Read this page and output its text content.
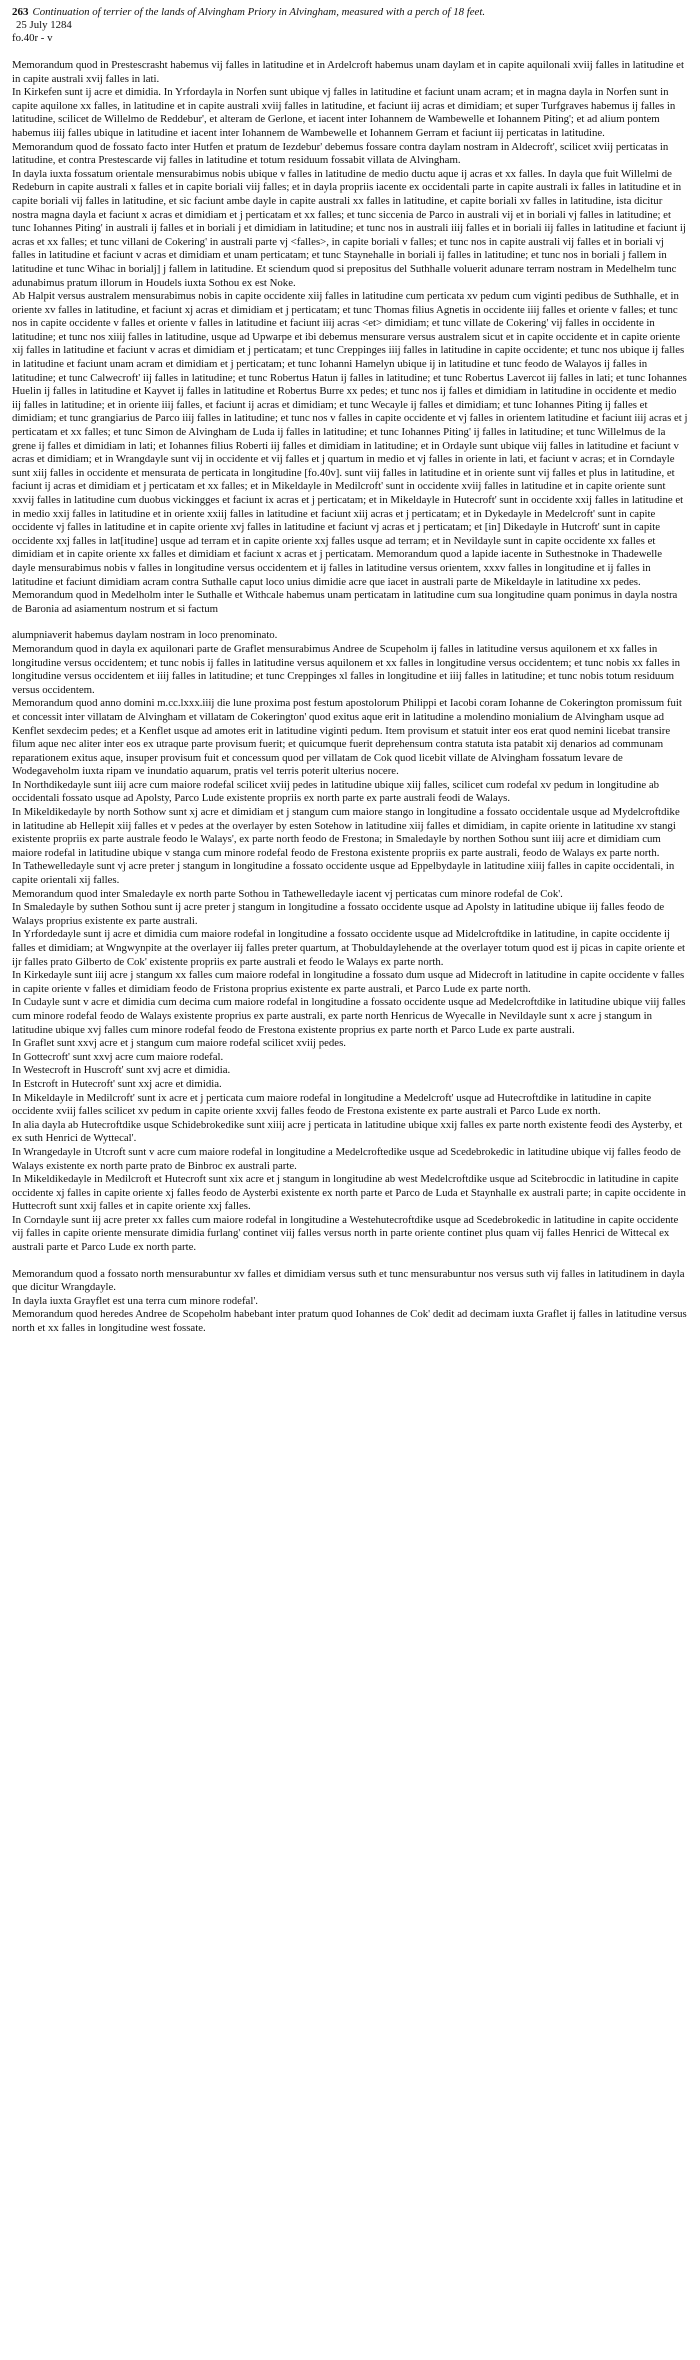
263 Continuation of terrier of the lands of Alvingham Priory in Alvingham, measured with a perch of 18 feet.

25 July 1284

fo.40r - v

Memorandum quod in Prestescrasht habemus vij falles in latitudine et in Ardelcroft habemus unam daylam et in capite aquilonali xviij falles in latitudine et in capite australi xvij falles in lati.

In Kirkefen sunt ij acre et dimidia. In Yrfordayla in Norfen sunt ubique vj falles in latitudine et faciunt unam acram; et in magna dayla in Norfen sunt in capite aquilone xx falles, in latitudine et in capite australi xviij falles in latitudine, et faciunt iij acras et dimidiam; et super Turfgraves habemus ij falles in latitudine, scilicet de Willelmo de Reddebur', et alteram de Gerlone, et iacent inter Iohannem de Wambewelle et Iohannem Piting'; et ad alium pontem habemus iiij falles ubique in latitudine et iacent inter Iohannem de Wambewelle et Iohannem Gerram et faciunt iij perticatas in latitudine.

Memorandum quod de fossato facto inter Hutfen et pratum de Iezdebur' debemus fossare contra daylam nostram in Aldecroft', scilicet xviij perticatas in latitudine, et contra Prestescarde vij falles in latitudine et totum residuum fossabit villata de Alvingham.

In dayla iuxta fossatum orientale mensurabimus nobis ubique v falles in latitudine de medio ductu aque ij acras et xx falles. In dayla que fuit Willelmi de Redeburn in capite australi x falles et in capite boriali viij falles; et in dayla propriis iacente ex occidentali parte in capite australi ix falles in latitudine et in capite boriali vij falles in latitudine, et sic faciunt ambe dayle in capite australi xx falles in latitudine, et capite boriali xv falles in latitudine, ista dicitur nostra magna dayla et faciunt x acras et dimidiam et j perticatam et xx falles; et tunc siccenia de Parco in australi vij et in boriali vj falles in latitudine; et tunc Iohannes Piting' in australi ij falles et in boriali j et dimidiam in latitudine; et tunc nos in australi iiij falles et in boriali iij falles in latitudine et faciunt ij acras et xx falles; et tunc villani de Cokering' in australi parte vj <falles>, in capite boriali v falles; et tunc nos in capite australi vij falles et in boriali vj falles in latitudine et faciunt v acras et dimidiam et unam perticatam; et tunc Staynehalle in boriali ij falles in latitudine; et tunc nos in boriali j fallem in latitudine et tunc Wihac in borialj] j fallem in latitudine. Et sciendum quod si prepositus del Suthhalle voluerit adunare terram nostram in Medelhelm tunc adunabimus pratum illorum in Houdels iuxta Sothou ex est Noke.

Ab Halpit versus australem mensurabimus nobis in capite occidente xiij falles in latitudine cum perticata xv pedum cum viginti pedibus de Suthhalle, et in oriente xv falles in latitudine, et faciunt xj acras et dimidiam et j perticatam; et tunc Thomas filius Agnetis in occidente iiij falles et oriente v falles; et tunc nos in capite occidente v falles et oriente v falles in latitudine et faciunt iiij acras <et> dimidiam; et tunc villate de Cokering' vij falles in occidente in latitudine; et tunc nos xiiij falles in latitudine, usque ad Upwarpe et ibi debemus mensurare versus australem sicut et in capite occidente et in capite oriente xij falles in latitudine et faciunt v acras et dimidiam et j perticatam; et tunc Creppinges iiij falles in latitudine in capite occidente; et tunc nos ubique ij falles in latitudine et faciunt unam acram et dimidiam et j perticatam; et tunc Iohanni Hamelyn ubique ij in latitudine et tunc feodo de Walayos ij falles in latitudine; et tunc Calwecroft' iij falles in latitudine; et tunc Robertus Hatun ij falles in latitudine; et tunc Robertus Lavercot iij falles in lati; et tunc Iohannes Huelin ij falles in latitudine et Kayvet ij falles in latitudine et Robertus Burre xx pedes; et tunc nos ij falles et dimidiam in latitudine in occidente et medio iij falles in latitudine; et in oriente iiij falles, et faciunt ij acras et dimidiam; et tunc Wecayle ij falles et dimidiam; et tunc Iohannes Piting ij falles et dimidiam; et tunc grangiarius de Parco iiij falles in latitudine; et tunc nos v falles in capite occidente et vj falles in orientem latitudine et faciunt iiij acras et j perticatam et xx falles; et tunc Simon de Alvingham de Luda ij falles in latitudine; et tunc Iohannes Piting' ij falles in latitudine; et tunc Willelmus de la grene ij falles et dimidiam in lati; et Iohannes filius Roberti iij falles et dimidiam in latitudine; et in Ordayle sunt ubique viij falles in latitudine et faciunt v acras et dimidiam; et in Wrangdayle sunt vij in occidente et vij falles et j quartum in medio et vj falles in oriente in lati, et faciunt v acras; et in Corndayle sunt xiij falles in occidente et mensurata de perticata in longitudine [fo.40v]. sunt viij falles in latitudine et in oriente sunt vij falles et plus in latitudine, et faciunt ij acras et dimidiam et j perticatam et xx falles; et in Mikeldayle in Medilcroft' sunt in occidente xviij falles in latitudine et in capite oriente sunt xxvij falles in latitudine cum duobus vickingges et faciunt ix acras et j perticatam; et in Mikeldayle in Hutecroft' sunt in occidente xxij falles in latitudine et in medio xxij falles in latitudine et in oriente xxiij falles in latitudine et faciunt xiij acras et j perticatam; et in Dykedayle in Medelcroft' sunt in capite occidente vj falles in latitudine et in capite oriente xvj falles in latitudine et faciunt vj acras et j perticatam; et [in] Dikedayle in Hutcroft' sunt in capite occidente xxj falles in lat[itudine] usque ad terram et in capite oriente xxj falles usque ad terram; et in Nevildayle sunt in capite occidente xx falles et dimidiam et in capite oriente xx falles et dimidiam et faciunt x acras et j perticatam. Memorandum quod a lapide iacente in Suthestnoke in Thadewelle dayle mensurabimus nobis v falles in longitudine versus occidentem et ij falles in latitudine versus orientem, xxxv falles in longitudine et ij falles in latitudine et faciunt dimidiam acram contra Suthalle caput loco unius dimidie acre que iacet in australi parte de Mikeldayle in latitudine xx pedes.

Memorandum quod in Medelholm inter le Suthalle et Withcale habemus unam perticatam in latitudine cum sua longitudine quam ponimus in dayla nostra de Baronia ad asiamentum nostrum et si factum

alumpniaverit habemus daylam nostram in loco prenominato.

Memorandum quod in dayla ex aquilonari parte de Graflet mensurabimus Andree de Scupeholm ij falles in latitudine versus aquilonem et xx falles in longitudine versus occidentem; et tunc nobis ij falles in latitudine versus aquilonem et xx falles in longitudine versus occidentem; et tunc nobis xx falles in longitudine versus occidentem et iiij falles in latitudine; et tunc Creppinges xl falles in longitudine et iiij falles in latitudine; et tunc nobis totum residuum versus occidentem.

Memorandum quod anno domini m.cc.lxxx.iiij die lune proxima post festum apostolorum Philippi et Iacobi coram Iohanne de Cokerington promissum fuit et concessit inter villatam de Alvingham et villatam de Cokerington' quod exitus aque erit in latitudine a molendino monialium de Alvingham usque ad Kenflet sexdecim pedes; et a Kenflet usque ad amotes erit in latitudine viginti pedum. Item provisum et statuit inter eos erat quod nemini licebat transire filum aque nec aliter inter eos ex utraque parte provisum fuerit; et quicumque fuerit deprehensum contra statuta ista patabit xij denarios ad communam reparationem exitus aque, insuper provisum fuit et concessum quod per villatam de Cok quod licebit villate de Alvingham fossatum levare de Wodegaveholm iuxta ripam ve inundatio aquarum, pratis vel terris poterit ulterius nocere.

In Northdikedayle sunt iiij acre cum maiore rodefal scilicet xviij pedes in latitudine ubique xiij falles, scilicet cum rodefal xv pedum in longitudine ab occidentali fossato usque ad Apolsty, Parco Lude existente propriis ex north parte ex parte australi feodi de Walays.

In Mikeldikedayle by north Sothow sunt xj acre et dimidiam et j stangum cum maiore stango in longitudine a fossato occidentale usque ad Mydelcroftdike in latitudine ab Hellepit xiij falles et v pedes at the overlayer by esten Sotehow in latitudine xiij falles et dimidiam, in capite oriente in latitudine xv stangi existente propriis ex parte australe feodo le Walays', ex parte north feodo de Frestona; in Smaledayle by northen Sothou sunt iiij acre et dimidiam cum maiore rodefal in latitudine ubique v stanga cum minore rodefal feodo de Frestona existente propriis ex parte australi, feodo de Walays ex parte north.

In Tathewelledayle sunt vj acre preter j stangum in longitudine a fossato occidente usque ad Eppelbydayle in latitudine xiiij falles in capite occidentali, in capite orientali xij falles.

Memorandum quod inter Smaledayle ex north parte Sothou in Tathewelledayle iacent vj perticatas cum minore rodefal de Cok'.

In Smaledayle by suthen Sothou sunt ij acre preter j stangum in longitudine a fossato occidente usque ad Apolsty in latitudine ubique iij falles feodo de Walays proprius existente ex parte australi.

In Yrfordedayle sunt ij acre et dimidia cum maiore rodefal in longitudine a fossato occidente usque ad Midelcroftdike in latitudine, in capite occidente ij falles et dimidiam; at Wngwynpite at the overlayer iij falles preter quartum, at Thobuldaylehende at the overlayer totum quod est ij picas in capite oriente et ijr falles prato Gilberto de Cok' existente propriis ex parte australi et feodo le Walays ex parte north.

In Kirkedayle sunt iiij acre j stangum xx falles cum maiore rodefal in longitudine a fossato dum usque ad Midecroft in latitudine in capite occidente v falles in capite oriente v falles et dimidiam feodo de Fristona proprius existente ex parte australi, et Parco Lude ex parte north.

In Cudayle sunt v acre et dimidia cum decima cum maiore rodefal in longitudine a fossato occidente usque ad Medelcroftdike in latitudine ubique viij falles cum minore rodefal feodo de Walays existente proprius ex parte australi, ex parte north Henricus de Wyecalle in Nevildayle sunt x acre j stangum in latitudine ubique xvj falles cum minore rodefal feodo de Frestona existente proprius ex parte north et Parco Lude ex parte australi.

In Graflet sunt xxvj acre et j stangum cum maiore rodefal scilicet xviij pedes.

In Gottecroft' sunt xxvj acre cum maiore rodefal.

In Westecroft in Huscroft' sunt xvj acre et dimidia.

In Estcroft in Hutecroft' sunt xxj acre et dimidia.

In Mikeldayle in Medilcroft' sunt ix acre et j perticata cum maiore rodefal in longitudine a Medelcroft' usque ad Hutecroftdike in latitudine in capite occidente xviij falles scilicet xv pedum in capite oriente xxvij falles feodo de Frestona existente ex parte australi et Parco Lude ex north.

In alia dayla ab Hutecroftdike usque Schidebrokedike sunt xiiij acre j perticata in latitudine ubique xxij falles ex parte north existente feodi des Aysterby, et ex suth Henrici de Wyttecal'.

In Wrangedayle in Utcroft sunt v acre cum maiore rodefal in longitudine a Medelcroftedike usque ad Scedebrokedic in latitudine ubique vij falles feodo de Walays existente ex north parte prato de Binbroc ex australi parte.

In Mikeldikedayle in Medilcroft et Hutecroft sunt xix acre et j stangum in longitudine ab west Medelcroftdike usque ad Scitebrocdic in latitudine in capite occidente xj falles in capite oriente xj falles feodo de Aysterbi existente ex north parte et Parco de Luda et Staynhalle ex australi parte; in capite occidente in Huttecroft sunt xxij falles et in capite oriente xxj falles.

In Corndayle sunt iij acre preter xx falles cum maiore rodefal in longitudine a Westehutecroftdike usque ad Scedebrokedic in latitudine in capite occidente vij falles in capite oriente mensurate dimidia furlang' continet viij falles versus north in parte oriente continet plus quam vij falles Henrici de Wittecal ex australi parte et Parco Lude ex north parte.

Memorandum quod a fossato north mensurabuntur xv falles et dimidiam versus suth et tunc mensurabuntur nos versus suth vij falles in latitudinem in dayla que dicitur Wrangdayle.

In dayla iuxta Grayflet est una terra cum minore rodefal'.

Memorandum quod heredes Andree de Scopeholm habebant inter pratum quod Iohannes de Cok' dedit ad decimam iuxta Graflet ij falles in latitudine versus north et xx falles in longitudine west fossate.
